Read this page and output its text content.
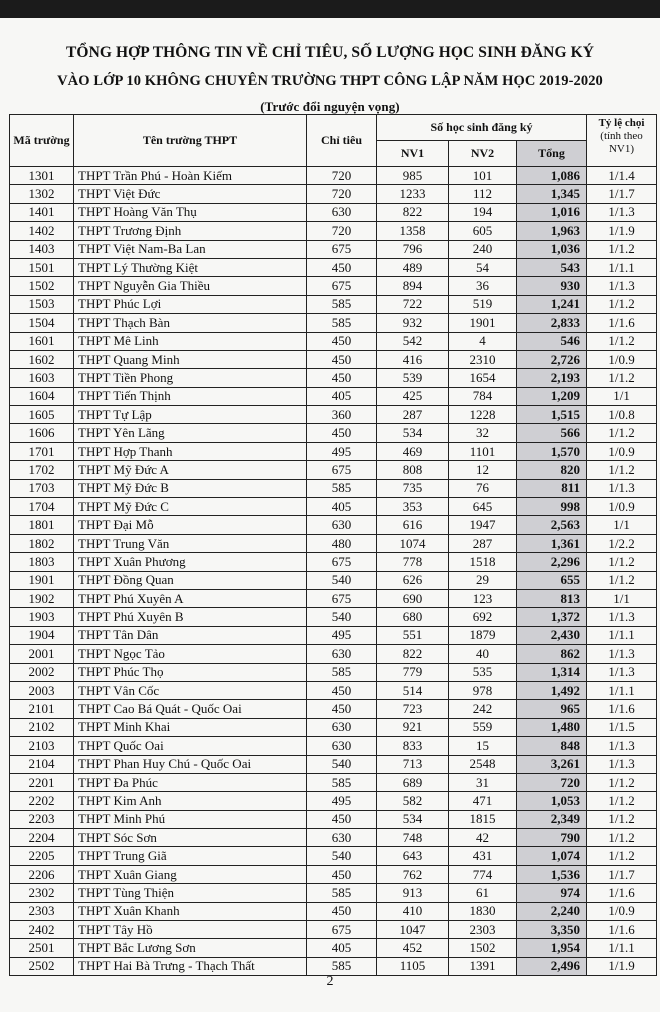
TỔNG HỢP THÔNG TIN VỀ CHỈ TIÊU, SỐ LƯỢNG HỌC SINH ĐĂNG KÝ
VÀO LỚP 10 KHÔNG CHUYÊN TRƯỜNG THPT CÔNG LẬP NĂM HỌC 2019-2020
(Trước đổi nguyện vọng)
Mã trường	Tên trường THPT	Chỉ tiêu	Số học sinh đăng ký			Tỷ lệ chọi
(tính theo
NV1)

			NV1	NV2	Tổng	
1301	THPT Trần Phú - Hoàn Kiếm	720	985	101	1,086	1/1.4
1302	THPT Việt Đức	720	1233	112	1,345	1/1.7
1401	THPT Hoàng Văn Thụ	630	822	194	1,016	1/1.3
1402	THPT Trương Định	720	1358	605	1,963	1/1.9
1403	THPT Việt Nam-Ba Lan	675	796	240	1,036	1/1.2
1501	THPT Lý Thường Kiệt	450	489	54	543	1/1.1
1502	THPT Nguyễn Gia Thiều	675	894	36	930	1/1.3
1503	THPT Phúc Lợi	585	722	519	1,241	1/1.2
1504	THPT Thạch Bàn	585	932	1901	2,833	1/1.6
1601	THPT Mê Linh	450	542	4	546	1/1.2
1602	THPT Quang Minh	450	416	2310	2,726	1/0.9
1603	THPT Tiền Phong	450	539	1654	2,193	1/1.2
1604	THPT Tiến Thịnh	405	425	784	1,209	1/1
1605	THPT Tự Lập	360	287	1228	1,515	1/0.8
1606	THPT Yên Lãng	450	534	32	566	1/1.2
1701	THPT Hợp Thanh	495	469	1101	1,570	1/0.9
1702	THPT Mỹ Đức A	675	808	12	820	1/1.2
1703	THPT Mỹ Đức B	585	735	76	811	1/1.3
1704	THPT Mỹ Đức C	405	353	645	998	1/0.9
1801	THPT Đại Mỗ	630	616	1947	2,563	1/1
1802	THPT Trung Văn	480	1074	287	1,361	1/2.2
1803	THPT Xuân Phương	675	778	1518	2,296	1/1.2
1901	THPT Đồng Quan	540	626	29	655	1/1.2
1902	THPT Phú Xuyên A	675	690	123	813	1/1
1903	THPT Phú Xuyên B	540	680	692	1,372	1/1.3
1904	THPT Tân Dân	495	551	1879	2,430	1/1.1
2001	THPT Ngọc Tảo	630	822	40	862	1/1.3
2002	THPT Phúc Thọ	585	779	535	1,314	1/1.3
2003	THPT Vân Cốc	450	514	978	1,492	1/1.1
2101	THPT Cao Bá Quát - Quốc Oai	450	723	242	965	1/1.6
2102	THPT Minh Khai	630	921	559	1,480	1/1.5
2103	THPT Quốc Oai	630	833	15	848	1/1.3
2104	THPT Phan Huy Chú - Quốc Oai	540	713	2548	3,261	1/1.3
2201	THPT Đa Phúc	585	689	31	720	1/1.2
2202	THPT Kim Anh	495	582	471	1,053	1/1.2
2203	THPT Minh Phú	450	534	1815	2,349	1/1.2
2204	THPT Sóc Sơn	630	748	42	790	1/1.2
2205	THPT Trung Giã	540	643	431	1,074	1/1.2
2206	THPT Xuân Giang	450	762	774	1,536	1/1.7
2302	THPT Tùng Thiện	585	913	61	974	1/1.6
2303	THPT Xuân Khanh	450	410	1830	2,240	1/0.9
2402	THPT Tây Hồ	675	1047	2303	3,350	1/1.6
2501	THPT Bắc Lương Sơn	405	452	1502	1,954	1/1.1
2502	THPT Hai Bà Trưng - Thạch Thất	585	1105	1391	2,496	1/1.9
2
